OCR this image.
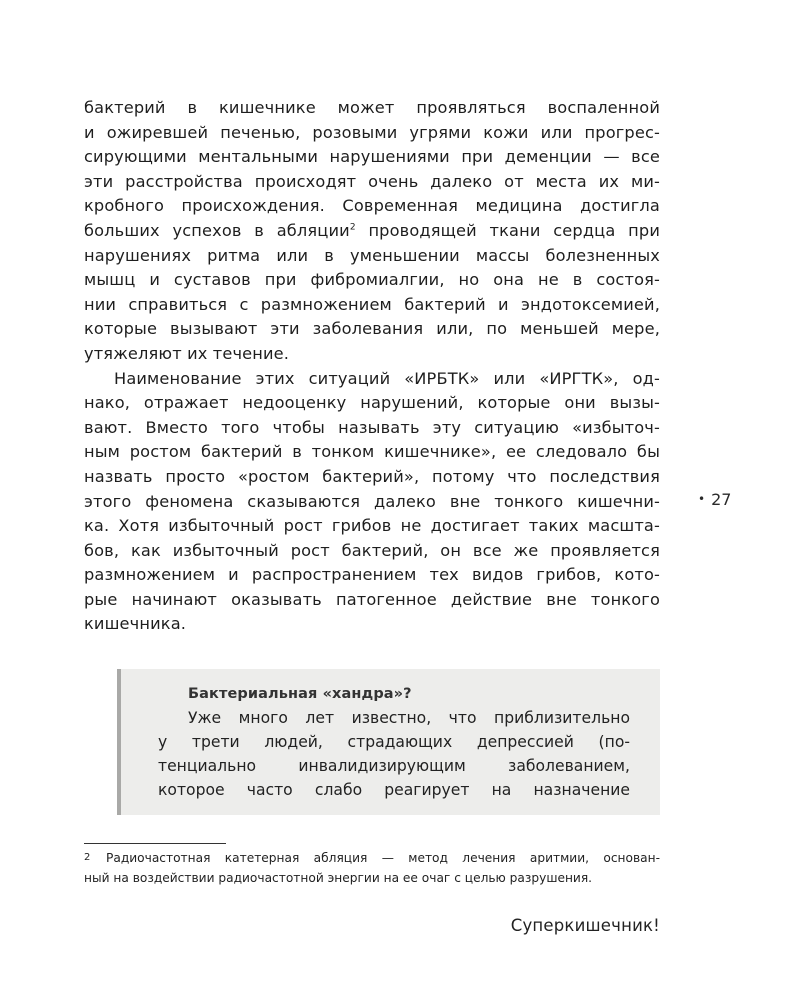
бактерий в кишечнике может проявляться воспаленной
и ожиревшей печенью, розовыми угрями кожи или прогрес-
сирующими ментальными нарушениями при деменции — все
эти расстройства происходят очень далеко от места их ми-
кробного происхождения. Современная медицина достигла
больших успехов в абляции$^2$ проводящей ткани сердца при
нарушениях ритма или в уменьшении массы болезненных
мышц и суставов при фибромиалгии, но она не в состоя-
нии справиться с размножением бактерий и эндотоксемией,
которые вызывают эти заболевания или, по меньшей мере,
утяжеляют их течение.
Наименование этих ситуаций «ИРБТК» или «ИРГТК», од-
нако, отражает недооценку нарушений, которые они вызы-
вают. Вместо того чтобы называть эту ситуацию «избыточ-
ным ростом бактерий в тонком кишечнике», ее следовало бы
назвать просто «ростом бактерий», потому что последствия
этого феномена сказываются далеко вне тонкого кишечни-
ка. Хотя избыточный рост грибов не достигает таких масшта-
бов, как избыточный рост бактерий, он все же проявляется
размножением и распространением тех видов грибов, кото-
рые начинают оказывать патогенное действие вне тонкого
кишечника.
• 27
Бактериальная «хандра»?
Уже много лет известно, что приблизительно
у трети людей, страдающих депрессией (по-
тенциально инвалидизирующим заболеванием,
которое часто слабо реагирует на назначение
2 Радиочастотная катетерная абляция — метод лечения аритмии, основан-
ный на воздействии радиочастотной энергии на ее очаг с целью разрушения.
Суперкишечник!
